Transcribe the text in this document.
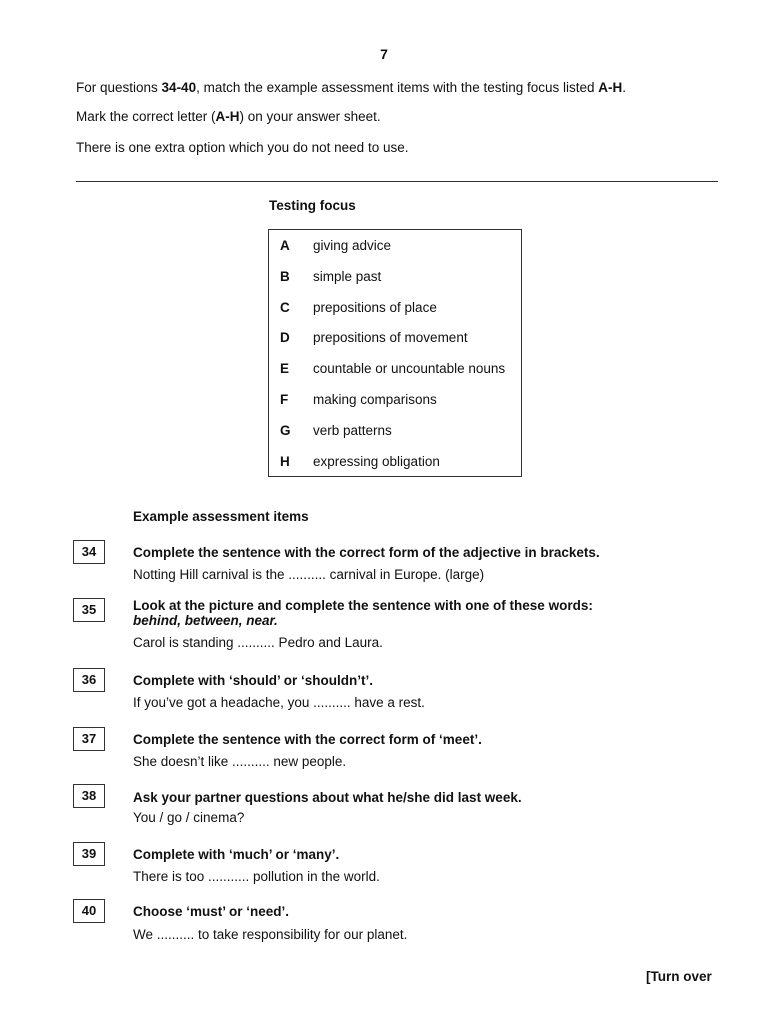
7
For questions 34-40, match the example assessment items with the testing focus listed A-H.
Mark the correct letter (A-H) on your answer sheet.
There is one extra option which you do not need to use.
Testing focus
A giving advice
B simple past
C prepositions of place
D prepositions of movement
E countable or uncountable nouns
F making comparisons
G verb patterns
H expressing obligation
Example assessment items
34	Complete the sentence with the correct form of the adjective in brackets.
Notting Hill carnival is the .......... carnival in Europe. (large)
35	Look at the picture and complete the sentence with one of these words:
behind, between, near.
Carol is standing .......... Pedro and Laura.
36	Complete with ‘should’ or ‘shouldn’t’.
If you’ve got a headache, you .......... have a rest.
37	Complete the sentence with the correct form of ‘meet’.
She doesn’t like .......... new people.
38	Ask your partner questions about what he/she did last week.
You / go / cinema?
39	Complete with ‘much’ or ‘many’.
There is too ........... pollution in the world.
40	Choose ‘must’ or ‘need’.
We .......... to take responsibility for our planet.
[Turn over
